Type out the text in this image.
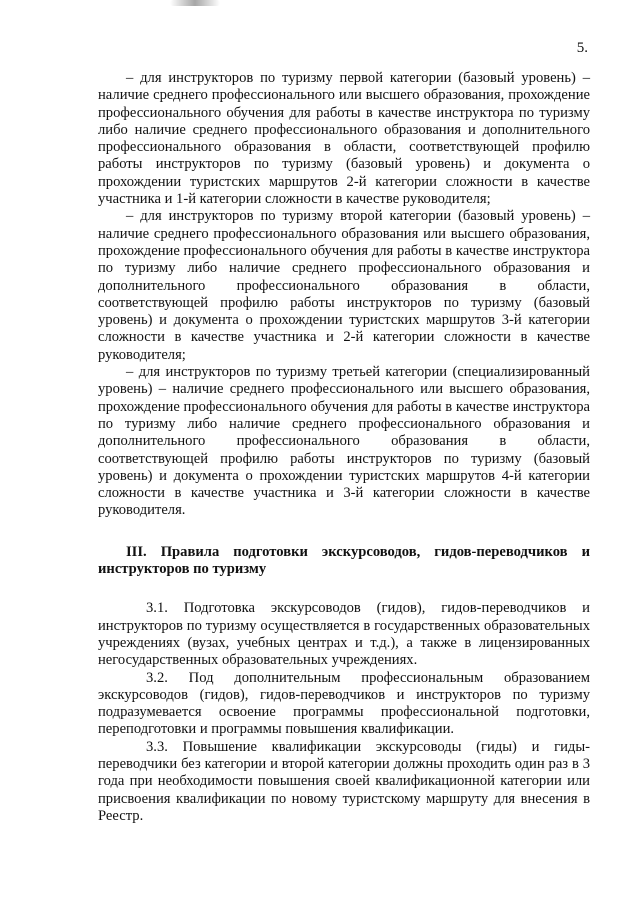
5.

– для инструкторов по туризму первой категории (базовый уровень) – наличие среднего профессионального или высшего образования, прохождение профессионального обучения для работы в качестве инструктора по туризму либо наличие среднего профессионального образования и дополнительного профессионального образования в области, соответствующей профилю работы инструкторов по туризму (базовый уровень) и документа о прохождении туристских маршрутов 2-й категории сложности в качестве участника и 1-й категории сложности в качестве руководителя;

– для инструкторов по туризму второй категории (базовый уровень) – наличие среднего профессионального образования или высшего образования, прохождение профессионального обучения для работы в качестве инструктора по туризму либо наличие среднего профессионального образования и дополнительного профессионального образования в области, соответствующей профилю работы инструкторов по туризму (базовый уровень) и документа о прохождении туристских маршрутов 3-й категории сложности в качестве участника и 2-й категории сложности в качестве руководителя;

– для инструкторов по туризму третьей категории (специализированный уровень) – наличие среднего профессионального или высшего образования, прохождение профессионального обучения для работы в качестве инструктора по туризму либо наличие среднего профессионального образования и дополнительного профессионального образования в области, соответствующей профилю работы инструкторов по туризму (базовый уровень) и документа о прохождении туристских маршрутов 4-й категории сложности в качестве участника и 3-й категории сложности в качестве руководителя.

III. Правила подготовки экскурсоводов, гидов-переводчиков и инструкторов по туризму

3.1. Подготовка экскурсоводов (гидов), гидов-переводчиков и инструкторов по туризму осуществляется в государственных образовательных учреждениях (вузах, учебных центрах и т.д.), а также в лицензированных негосударственных образовательных учреждениях.

3.2. Под дополнительным профессиональным образованием экскурсоводов (гидов), гидов-переводчиков и инструкторов по туризму подразумевается освоение программы профессиональной подготовки, переподготовки и программы повышения квалификации.

3.3. Повышение квалификации экскурсоводы (гиды) и гиды-переводчики без категории и второй категории должны проходить один раз в 3 года при необходимости повышения своей квалификационной категории или присвоения квалификации по новому туристскому маршруту для внесения в Реестр.
